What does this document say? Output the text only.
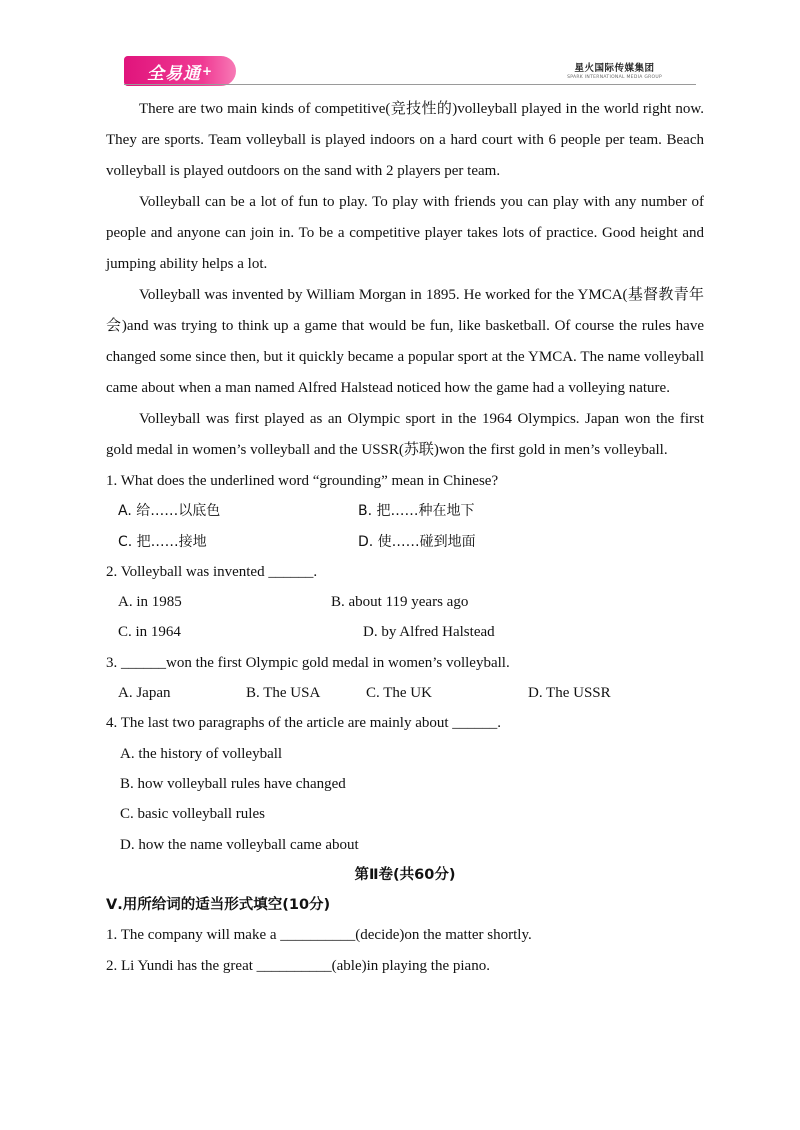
全易通 +	星火国际传媒集团
SPARK INTERNATIONAL MEDIA GROUP

There are two main kinds of competitive(竞技性的)volleyball played in the world right now. They are sports. Team volleyball is played indoors on a hard court with 6 people per team. Beach volleyball is played outdoors on the sand with 2 players per team.

Volleyball can be a lot of fun to play. To play with friends you can play with any number of people and anyone can join in. To be a competitive player takes lots of practice. Good height and jumping ability helps a lot.

Volleyball was invented by William Morgan in 1895. He worked for the YMCA(基督教青年会)and was trying to think up a game that would be fun, like basketball. Of course the rules have changed some since then, but it quickly became a popular sport at the YMCA. The name volleyball came about when a man named Alfred Halstead noticed how the game had a volleying nature.

Volleyball was first played as an Olympic sport in the 1964 Olympics. Japan won the first gold medal in women’s volleyball and the USSR(苏联)won the first gold in men’s volleyball.

1. What does the underlined word “grounding” mean in Chinese?
A. 给……以底色	B. 把……种在地下
C. 把……接地	D. 使……碰到地面
2. Volleyball was invented ______.
A. in 1985	B. about 119 years ago
C. in 1964	D. by Alfred Halstead
3. ______won the first Olympic gold medal in women’s volleyball.
A. Japan	B. The USA	C. The UK	D. The USSR
4. The last two paragraphs of the article are mainly about ______.
A. the history of volleyball
B. how volleyball rules have changed
C. basic volleyball rules
D. how the name volleyball came about
第Ⅱ卷(共60分)
Ⅴ.用所给词的适当形式填空(10分)
1. The company will make a __________(decide)on the matter shortly.
2. Li Yundi has the great __________(able)in playing the piano.
